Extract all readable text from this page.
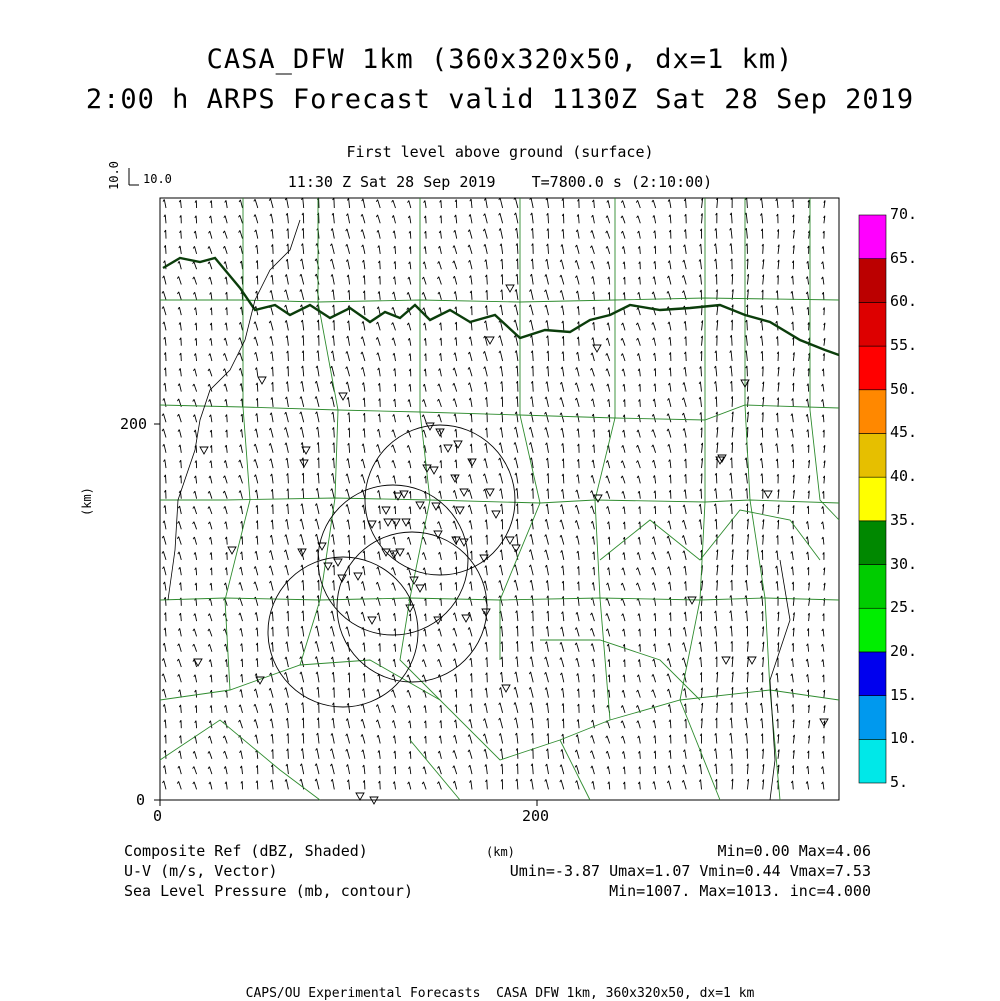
CASA_DFW 1km (360x320x50, dx=1 km)
2:00 h ARPS Forecast valid 1130Z Sat 28 Sep 2019
First level above ground (surface)
11:30 Z Sat 28 Sep 2019    T=7800.0 s (2:10:00)
10.0
10.0
0	200
0
200
(km)
(km)
5.
10.
15.
20.
25.
30.
35.
40.
45.
50.
55.
60.
65.
70.
Composite Ref (dBZ, Shaded)	Min=0.00 Max=4.06
U-V (m/s, Vector)	Umin=-3.87 Umax=1.07 Vmin=0.44 Vmax=7.53
Sea Level Pressure (mb, contour)	Min=1007. Max=1013. inc=4.000
CAPS/OU Experimental Forecasts  CASA DFW 1km, 360x320x50, dx=1 km
